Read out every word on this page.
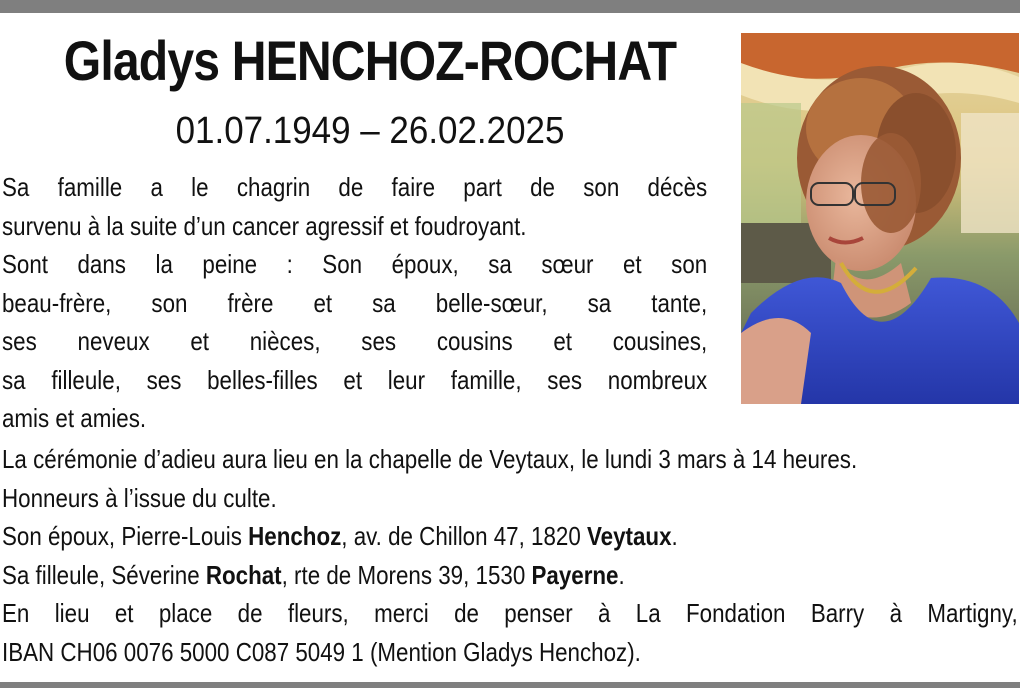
Gladys HENCHOZ-ROCHAT
01.07.1949 – 26.02.2025
Sa famille a le chagrin de faire part de son décès
survenu à la suite d’un cancer agressif et foudroyant.
Sont dans la peine : Son époux, sa sœur et son
beau-frère, son frère et sa belle-sœur, sa tante,
ses neveux et nièces, ses cousins et cousines,
sa filleule, ses belles-filles et leur famille, ses nombreux
amis et amies.
La cérémonie d’adieu aura lieu en la chapelle de Veytaux, le lundi 3 mars à 14 heures.
Honneurs à l’issue du culte.
Son époux, Pierre-Louis Henchoz, av. de Chillon 47, 1820 Veytaux.
Sa filleule, Séverine Rochat, rte de Morens 39, 1530 Payerne.
En lieu et place de fleurs, merci de penser à La Fondation Barry à Martigny,
IBAN CH06 0076 5000 C087 5049 1 (Mention Gladys Henchoz).
